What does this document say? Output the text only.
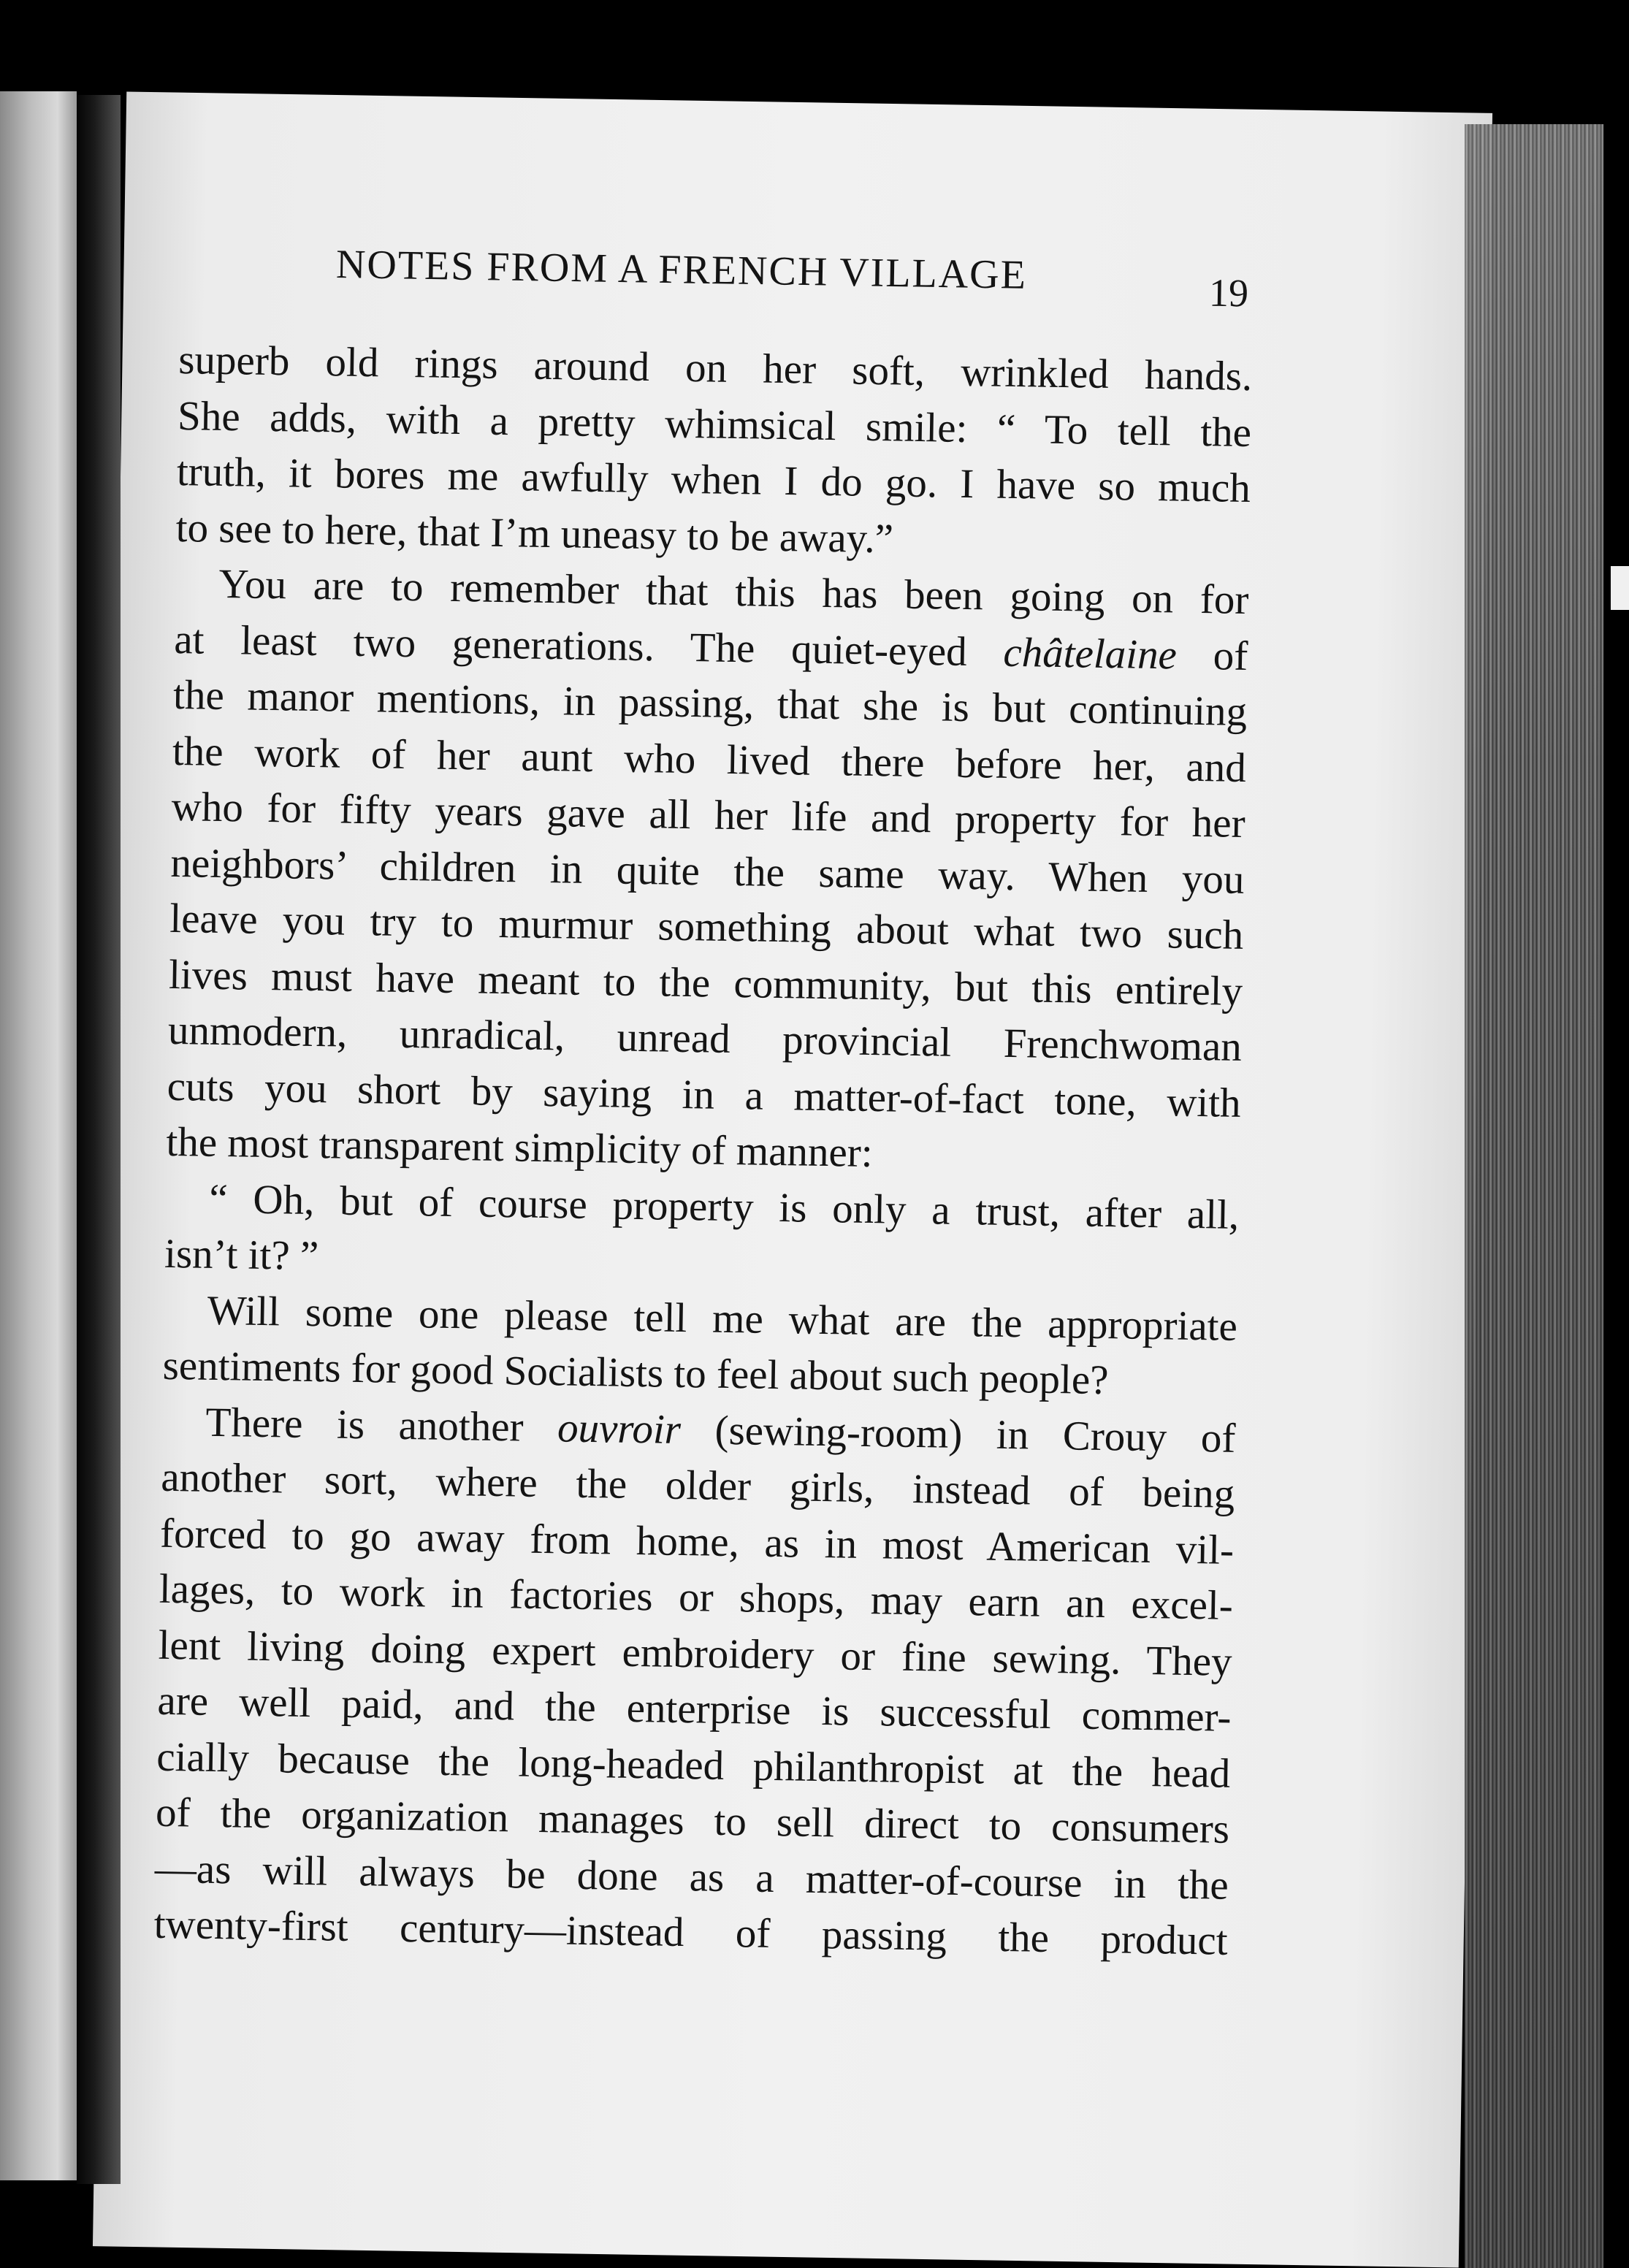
NOTES FROM A FRENCH VILLAGE	19
superb old rings around on her soft, wrinkled hands.
She adds, with a pretty whimsical smile: “ To tell the
truth, it bores me awfully when I do go. I have so much
to see to here, that I’m uneasy to be away.”
You are to remember that this has been going on for
at least two generations. The quiet-eyed châtelaine of
the manor mentions, in passing, that she is but continuing
the work of her aunt who lived there before her, and
who for fifty years gave all her life and property for her
neighbors’ children in quite the same way. When you
leave you try to murmur something about what two such
lives must have meant to the community, but this entirely
unmodern, unradical, unread provincial Frenchwoman
cuts you short by saying in a matter-of-fact tone, with
the most transparent simplicity of manner:
“ Oh, but of course property is only a trust, after all,
isn’t it? ”
Will some one please tell me what are the appropriate
sentiments for good Socialists to feel about such people?
There is another ouvroir (sewing-room) in Crouy of
another sort, where the older girls, instead of being
forced to go away from home, as in most American vil-
lages, to work in factories or shops, may earn an excel-
lent living doing expert embroidery or fine sewing. They
are well paid, and the enterprise is successful commer-
cially because the long-headed philanthropist at the head
of the organization manages to sell direct to consumers
—as will always be done as a matter-of-course in the
twenty-first century—instead of passing the product
